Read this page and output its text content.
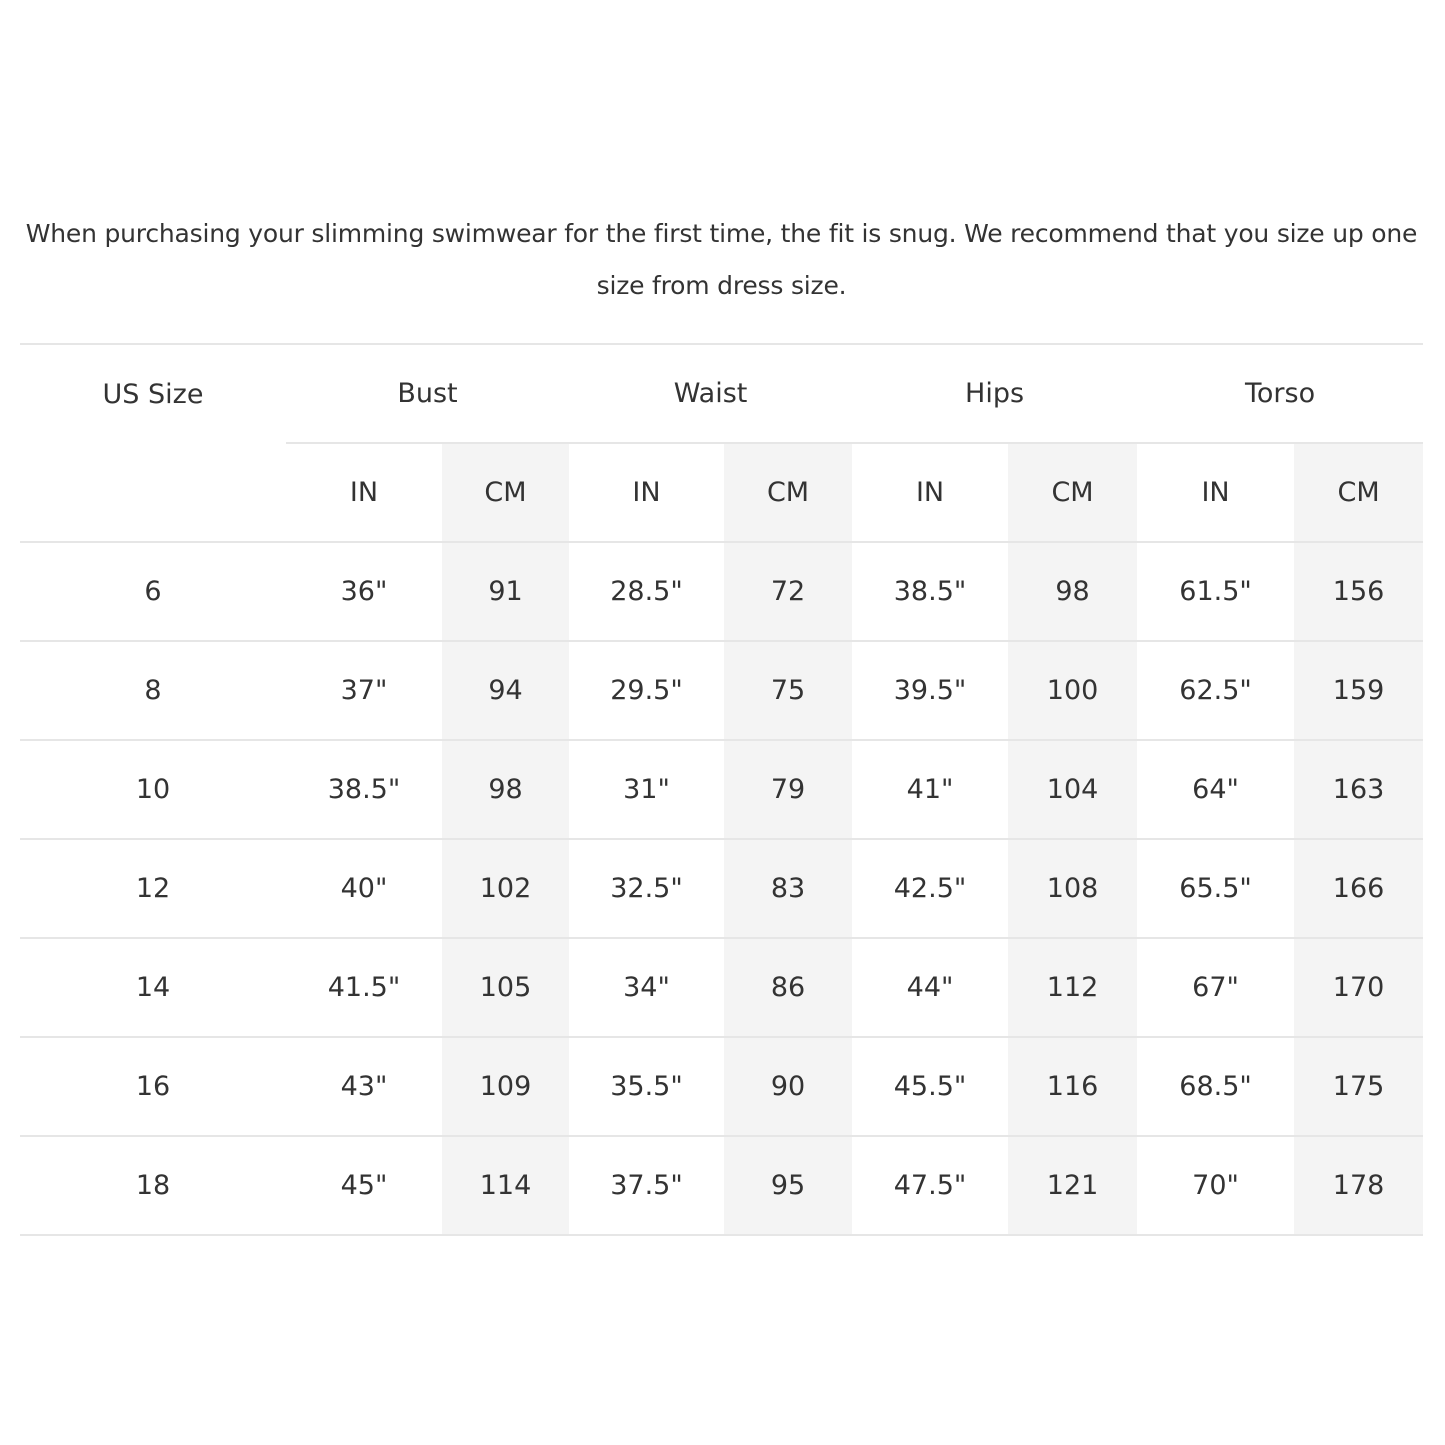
When purchasing your slimming swimwear for the first time, the fit is snug. We recommend that you size up one size from dress size.
US Size	Bust		Waist		Hips		Torso	
	IN	CM	IN	CM	IN	CM	IN	CM
6	36"	91	28.5"	72	38.5"	98	61.5"	156
8	37"	94	29.5"	75	39.5"	100	62.5"	159
10	38.5"	98	31"	79	41"	104	64"	163
12	40"	102	32.5"	83	42.5"	108	65.5"	166
14	41.5"	105	34"	86	44"	112	67"	170
16	43"	109	35.5"	90	45.5"	116	68.5"	175
18	45"	114	37.5"	95	47.5"	121	70"	178
